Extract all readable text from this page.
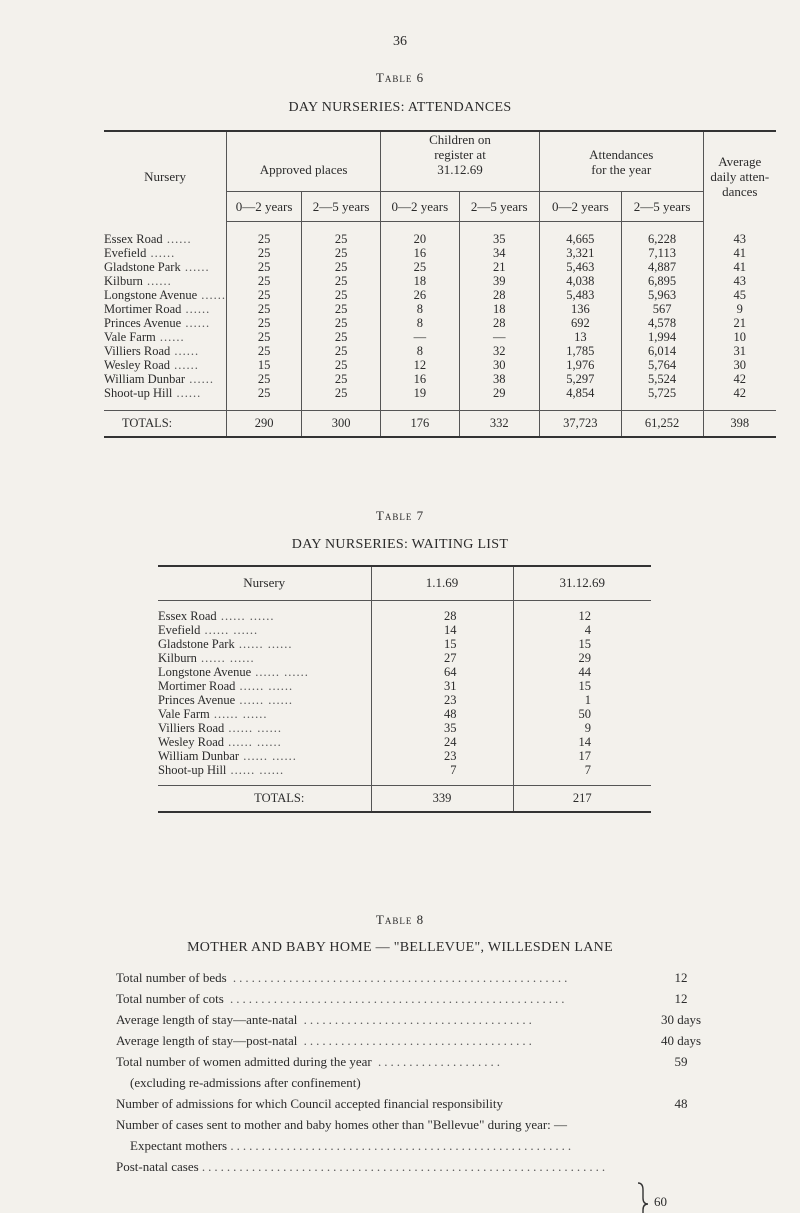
36
Table 6
DAY NURSERIES: ATTENDANCES
Nursery	Approved places		Children on register at 31.12.69		Attendances for the year		Average daily atten- dances
	0—2 years	2—5 years	0—2 years	2—5 years	0—2 years	2—5 years	
Essex Road ......	25	25	20	35	4,665	6,228	43
Evefield ......	25	25	16	34	3,321	7,113	41
Gladstone Park ......	25	25	25	21	5,463	4,887	41
Kilburn ......	25	25	18	39	4,038	6,895	43
Longstone Avenue ......	25	25	26	28	5,483	5,963	45
Mortimer Road ......	25	25	8	18	136	567	9
Princes Avenue ......	25	25	8	28	692	4,578	21
Vale Farm ......	25	25	—	—	13	1,994	10
Villiers Road ......	25	25	8	32	1,785	6,014	31
Wesley Road ......	15	25	12	30	1,976	5,764	30
William Dunbar ......	25	25	16	38	5,297	5,524	42
Shoot-up Hill ......	25	25	19	29	4,854	5,725	42
TOTALS:	290	300	176	332	37,723	61,252	398
Table 7
DAY NURSERIES: WAITING LIST
Nursery	1.1.69	31.12.69
Essex Road ...... ......	28	12
Evefield ...... ......	14	4
Gladstone Park ...... ......	15	15
Kilburn ...... ......	27	29
Longstone Avenue ...... ......	64	44
Mortimer Road ...... ......	31	15
Princes Avenue ...... ......	23	1
Vale Farm ...... ......	48	50
Villiers Road ...... ......	35	9
Wesley Road ...... ......	24	14
William Dunbar ...... ......	23	17
Shoot-up Hill ...... ......	7	7
TOTALS:	339	217
Table 8
MOTHER AND BABY HOME — "BELLEVUE", WILLESDEN LANE
Total number of beds ......................................................	12
Total number of cots ......................................................	12
Average length of stay—ante-natal .....................................	30 days
Average length of stay—post-natal .....................................	40 days
Total number of women admitted during the year ....................	59
(excluding re-admissions after confinement)
Number of admissions for which Council accepted financial responsibility	48
Number of cases sent to mother and baby homes other than "Bellevue" during year: —
Expectant mothers .......................................................
Post-natal cases .................................................................
60
